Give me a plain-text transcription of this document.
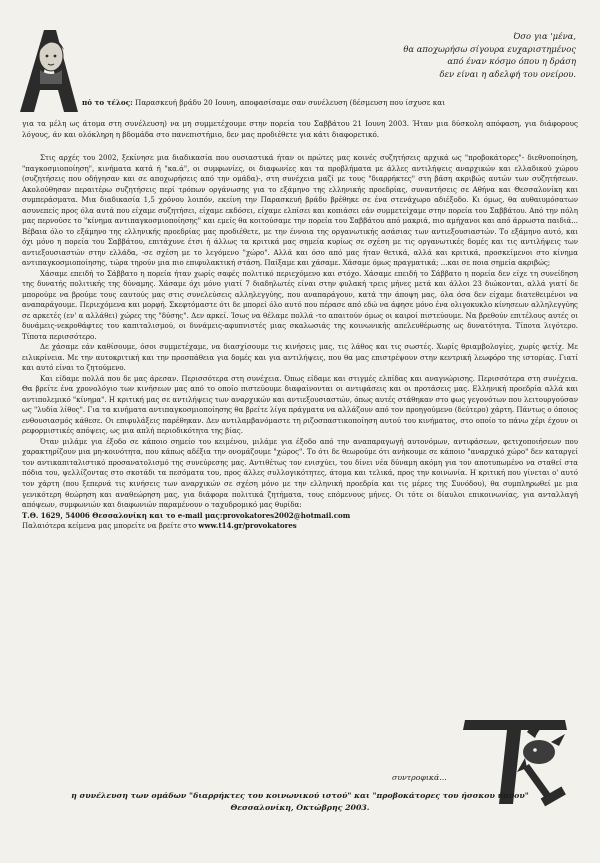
Όσο για 'μένα,
θα αποχωρήσω σίγουρα ευχαριστημένος
από έναν κόσμο όπου η δράση
δεν είναι η αδελφή του ονείρου.
πό το τέλος: Παρασκευή βράδυ 20 Ιουνη, αποφασίσαμε σαν συνέλευση (δέσμευση που ίσχυσε και
για τα μέλη ως άτομα στη συνέλευση) να μη συμμετέχουμε στην πορεία του Σαββάτου 21 Ιουνη 2003. Ήταν μια δύσκολη απόφαση, για διάφορους λόγους, άν και ολόκληρη η βδομάδα στο πανεπιστήμιο, δεν μας προδιέθετε για κάτι διαφορετικό.

Στις αρχές του 2002, ξεκίνησε μια διαδικασία που ουσιαστικά ήταν οι πρώτες μας κοινές συζητήσεις αρχικά ως "προβοκάτορες"- διεθνοποίηση, "παγκοσμιοποίηση", κινήματα κατά ή "κα.ά", οι συμφωνίες, οι διαφωνίες και τα προβλήματα με άλλες αντιλήψεις αναρχικών και ελλαδικού χώρου (συζητήσεις που οδήγησαν και σε αποχωρήσεις από την ομάδα)-, στη συνέχεια μαζί με τους "διαρρήκτες" στη βάση ακριβώς αυτών των συζητήσεων. Ακολούθησαν περαιτέρω συζητήσεις περί τρόπων οργάνωσης για το εξάμηνο της ελληνικής προεδρίας, συναντήσεις σε Αθήνα και Θεσσαλονίκη και συμπεράσματα. Μια διαδικασία 1,5 χρόνου λοιπόν, εκείνη την Παρασκευή βράδυ βρέθηκε σε ένα στενάχωρο αδιέξοδο. Κι όμως, θα αυθαιυμόσατων ασυνεπείς προς όλα αυτά που είχαμε συζητήσει, είχαμε εκδόσει, είχαμε ελπίσει και κοπιάσει εάν συμμετείχαμε στην πορεία του Σαββάτου. Από την πόλη μας περνούσε το "κίνημα αντιπαγκοσμιοποίησης" και εμείς θα κοιτούσαμε την πορεία του Σαββάτου από μακριά, πιο αμήχανοι και από άρρωστα παιδιά... Βέβαια όλο το εξάμηνο της ελληνικής προεδρίας μας προδιέθετε, με την έννοια της οργανωτικής ασάσιας των αντιεξουσιαστών. Το εξάμηνο αυτό, και όχι μόνο η πορεία του Σαββάτου, επιτάχυνε έτσι ή άλλως τα κριτικά μας σημεία κυρίως σε σχέση με τις οργανωτικές δομές και τις αντιλήψεις των αντιεξουσιαστών στην ελλάδα, -σε σχέση με το λεγόμενο "χώρο". Αλλά και όσο από μας ήταν θετικά, αλλά και κριτικά, προσκείμενοι στο κίνημα αντιπαγκοσμιοποίησης, τώρα τηρούν μια πιο επιφυλακτική στάση. Παίξαμε και χάσαμε. Χάσαμε όμως πραγματικά; ...και σε ποια σημεία ακριβώς;

Χάσαμε επειδή το Σάββατο η πορεία ήταν χωρίς σαφές πολιτικό περιεχόμενο και στόχο. Χάσαμε επειδή το Σάββατο η πορεία δεν είχε τη συνείδηση της δυνατής πολιτικής της δύναμης. Χάσαμε όχι μόνο γιατί 7 διαδηλωτές είναι στην φυλακή τρεις μήνες μετά και άλλοι 23 διώκονται, αλλά γιατί δε μπορούμε να βρούμε τους εαυτούς μας στις συνελεύσεις αλληλεγγύης, που αναπαράγουν, κατά την άποψη μας, όλα όσα δεν είχαμε διατεθειμένοι να αναπαράγουμε. Περιεχόμενα και μορφή. Σκεφτόμαστε ότι δε μπορεί όλο αυτό που πέρασε από εδώ να άφησε μόνο ένα ολιγοκυκλο κίνησεων αλληλεγγύης σε αρκετές (εν' α αλλάθει) χώρες της "δύσης". Δεν αρκεί. Ίσως να θέλαμε πολλά -το απαιτούν όμως οι καιροί πιστεύουμε. Να βρεθούν επιτέλους αυτές οι δυνάμεις-νεκροθάφτες του καπιταλισμού, οι δυνάμεις-αφυπνιστές μιας σκαλωσιάς της κοινωνικής απελευθέρωσης ως δυνατότητα. Τίποτα λιγότερο. Τίποτα περισσότερο.

Δε χάσαμε εάν καθίσουμε, όσοι συμμετέχαμε, να διασχίσουμε τις κινήσεις μας, τις λάθος και τις σωστές. Χωρίς θριαμβολογίες, χωρίς φετίχ. Με ειλικρίνεια. Με την αυτοκριτική και την προσπάθεια για δομές και για αντιλήψεις, που θα μας επιστρέψουν στην κεντρική λεωφόρο της ιστορίας. Γιατί και αυτό είναι το ζητούμενο.

Και είδαμε πολλά που δε μας άρεσαν. Περισσότερα στη συνέχεια. Όπως είδαμε και στιγμές ελπίδας και αναγνώρισης. Περισσότερα στη συνέχεια. Θα βρείτε ένα χρονολόγιο των κινήσεων μας από το οποίο πιστεύουμε διαφαίνονται οι αντιφάσεις και οι προτάσεις μας. Ελληνική προεδρία αλλά και αντιπολεμικό "κίνημα". Η κριτική μας σε αντιλήψεις των αναρχικών και αντιεξουσιαστών, όπως αυτές στάθηκαν στο φως γεγονότων που λειτουργούσαν ως "λυδία λίθος". Για τα κινήματα αντιπαγκοσμιοποίησης θα βρείτε λίγα πράγματα να αλλάζουν από τον προηγούμενο (δεύτερο) χάρτη. Πάντως ο όποιος ενθουσιασμός κάθεσε. Οι επιφυλάξεις παρέθηκαν. Δεν αντιλαμβανόμαστε τη ριζοσπαστικοποίηση αυτού του κινήματος, στο οποίο το πάνω χέρι έχουν οι ρεφορμιστικές απόψεις, ως μια απλή περιοδικότητα της βίας.

Όταν μιλάμε για έξοδο σε κάποιο σημείο του κειμένου, μιλάμε για έξοδο από την αναπαραγωγή αυτονόμων, αντιφάσεων, φετιχοποιήσεων που χαρακτηρίζουν μια μη-κοινότητα, που κάπως αδέξια την ονομάζουμε "χώρος". Το ότι δε θεωρούμε ότι ανήκουμε σε κάποιο "αναρχικό χώρο" δεν καταργεί τον αντικαπιταλιστικό προσανατολισμό της συνεύρεσης μας. Αντιθέτως τον ενισχύει, του δίνει νέα δύναμη ακόμη για τον αποτυπωμένο να σταθεί στα πόδια του, ψελλίζοντας στο σκοτάδι τα πεσόματα του, προς άλλες συλλογικότητες, άτομα και τελικά, προς την κοινωνία. Η κριτική που γίνεται ο' αυτό τον χάρτη (που ξεπερνά τις κινήσεις των αναρχικών σε σχέση μόνο με την ελληνική προεδρία και τις μέρες της Συνόδου), θα συμπληρωθεί με μια γενικότερη θεώρηση και αναθεώρηση μας, για διάφορα πολιτικά ζητήματα, τους επόμενους μήνες. Οι τότε οι δίαυλοι επικοινωνίας, για ανταλλαγή απόψεων, συμφωνιών και διαφωνιών παραμένουν ο ταχυδρομικό μας θυρίδα:

Τ.Θ. 1629, 54006 Θεσσαλονίκη και το e-mail μας:provokatores2002@hotmail.com
Παλαιότερα κείμενα μας μπορείτε να βρείτε στο www.t14.gr/provokatores
συντροφικά...
η συνέλευση των ομάδων "διαρρήκτες του κοινωνικού ιστού" και "προβοκάτορες του ήσσκου ύπνου"
Θεσσαλονίκη, Οκτώβρης 2003.
